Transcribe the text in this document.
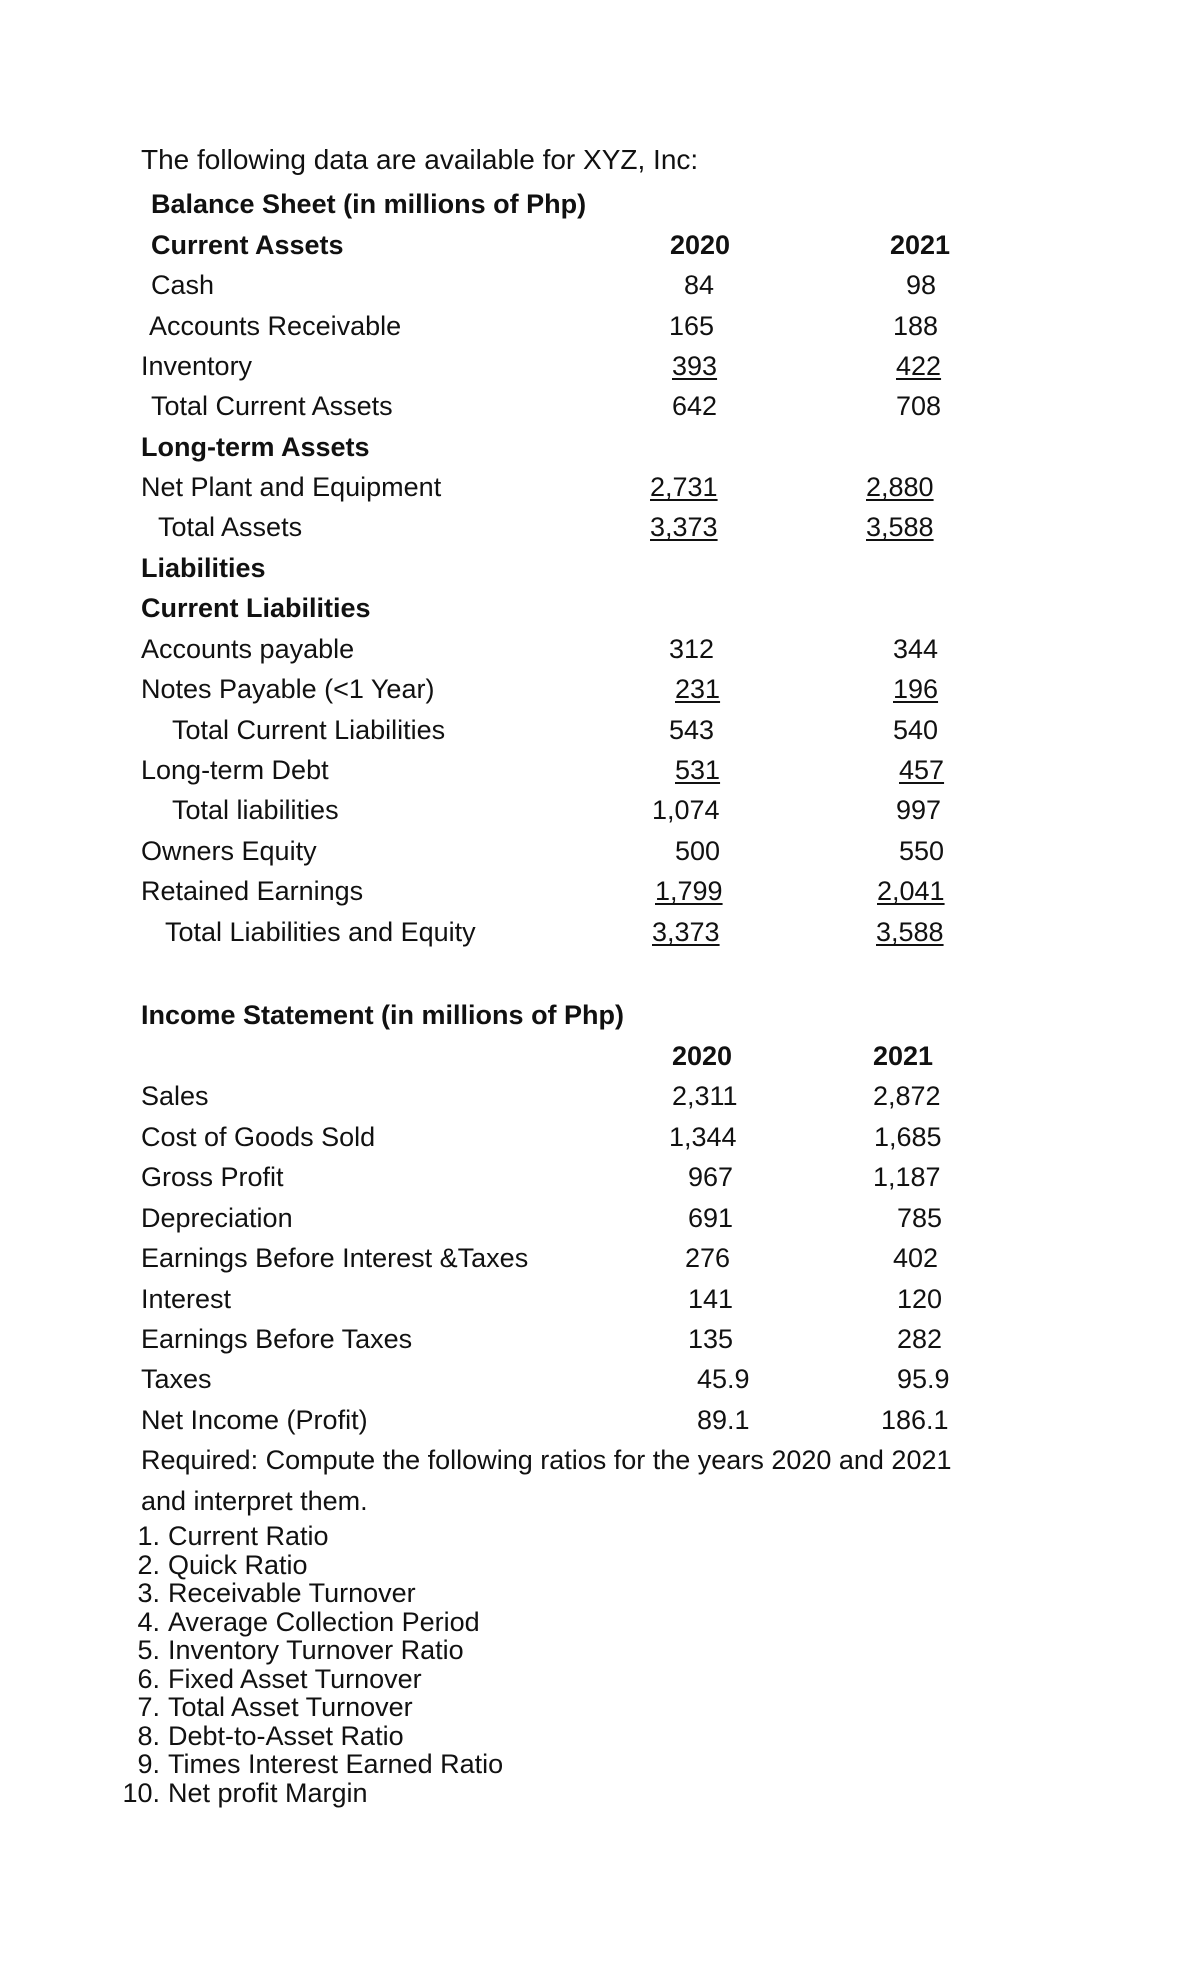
The following data are available for XYZ, Inc:
Balance Sheet (in millions of Php)
Current Assets	2020	2021
Cash	84	98
Accounts Receivable	165	188
Inventory	393	422
Total Current Assets	642	708
Long-term Assets
Net Plant and Equipment	2,731	2,880
Total Assets	3,373	3,588
Liabilities
Current Liabilities
Accounts payable	312	344
Notes Payable (<1 Year)	231	196
Total Current Liabilities	543	540
Long-term Debt	531	457
Total liabilities	1,074	997
Owners Equity	500	550
Retained Earnings	1,799	2,041
Total Liabilities and Equity	3,373	3,588
Income Statement (in millions of Php)
2020	2021
Sales	2,311	2,872
Cost of Goods Sold	1,344	1,685
Gross Profit	967	1,187
Depreciation	691	785
Earnings Before Interest &Taxes	276	402
Interest	141	120
Earnings Before Taxes	135	282
Taxes	45.9	95.9
Net Income (Profit)	89.1	186.1
Required: Compute the following ratios for the years 2020 and 2021
and interpret them.
1. Current Ratio
2. Quick Ratio
3. Receivable Turnover
4. Average Collection Period
5. Inventory Turnover Ratio
6. Fixed Asset Turnover
7. Total Asset Turnover
8. Debt-to-Asset Ratio
9. Times Interest Earned Ratio
10. Net profit Margin
